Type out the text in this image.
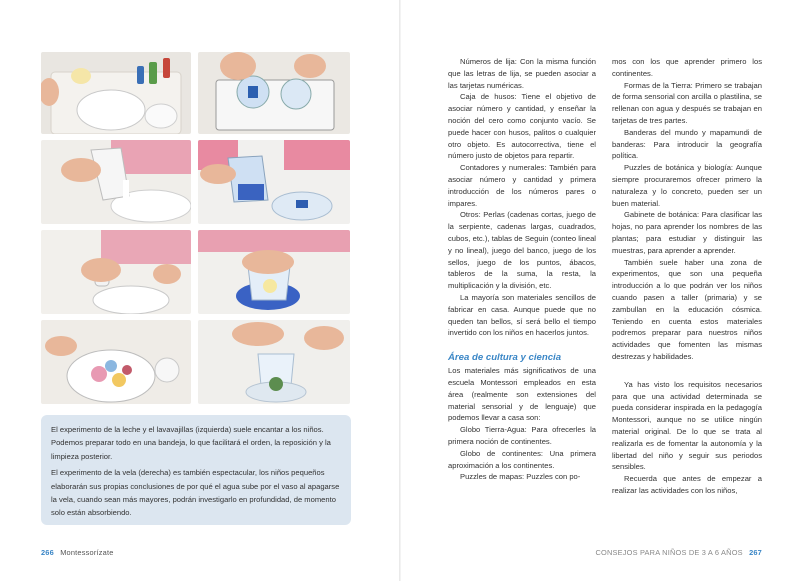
El experimento de la leche y el lavavajillas (izquierda) suele encantar a los niños. Podemos preparar todo en una bandeja, lo que facilitará el orden, la reposición y la limpieza posterior.

El experimento de la vela (derecha) es también espectacular, los niños pequeños elaborarán sus propias conclusiones de por qué el agua sube por el vaso al apagarse la vela, cuando sean más mayores, podrán investigarlo en profundidad, de momento solo están absorbiendo.

Números de lija: Con la misma función que las letras de lija, se pueden asociar a las tarjetas numéricas.

Caja de husos: Tiene el objetivo de asociar número y cantidad, y enseñar la noción del cero como conjunto vacío. Se puede hacer con husos, palitos o cualquier otro objeto. Es autocorrectiva, tiene el número justo de objetos para repartir.

Contadores y numerales: También para asociar número y cantidad y primera introducción de los números pares o impares.

Otros: Perlas (cadenas cortas, juego de la serpiente, cadenas largas, cuadrados, cubos, etc.), tablas de Seguin (conteo lineal y no lineal), juego del banco, juego de los sellos, juego de los puntos, ábacos, tableros de la suma, la resta, la multiplicación y la división, etc.

La mayoría son materiales sencillos de fabricar en casa. Aunque puede que no queden tan bellos, sí será bello el tiempo invertido con los niños en hacerlos juntos.

Área de cultura y ciencia

Los materiales más significativos de una escuela Montessori empleados en esta área (realmente son extensiones del material sensorial y de lenguaje) que podemos llevar a casa son:

Globo Tierra-Agua: Para ofrecerles la primera noción de continentes.

Globo de continentes: Una primera aproximación a los continentes.

Puzzles de mapas: Puzzles con po-

mos con los que aprender primero los continentes.

Formas de la Tierra: Primero se trabajan de forma sensorial con arcilla o plastilina, se rellenan con agua y después se trabajan en tarjetas de tres partes.

Banderas del mundo y mapamundi de banderas: Para introducir la geografía política.

Puzzles de botánica y biología: Aunque siempre procuraremos ofrecer primero la naturaleza y lo concreto, pueden ser un buen material.

Gabinete de botánica: Para clasificar las hojas, no para aprender los nombres de las plantas; para estudiar y distinguir las muestras, para aprender a aprender.

También suele haber una zona de experimentos, que son una pequeña introducción a lo que podrán ver los niños cuando pasen a taller (primaria) y se zambullan en la educación cósmica. Teniendo en cuenta estos materiales podremos preparar para nuestros niños actividades que fomenten las mismas destrezas y habilidades.

Ya has visto los requisitos necesarios para que una actividad determinada se pueda considerar inspirada en la pedagogía Montessori, aunque no se utilice ningún material original. De lo que se trata al realizarla es de fomentar la autonomía y la libertad del niño y seguir sus periodos sensibles.

Recuerda que antes de empezar a realizar las actividades con los niños,

266 Montessorízate	CONSEJOS PARA NIÑOS DE 3 A 6 AÑOS 267
